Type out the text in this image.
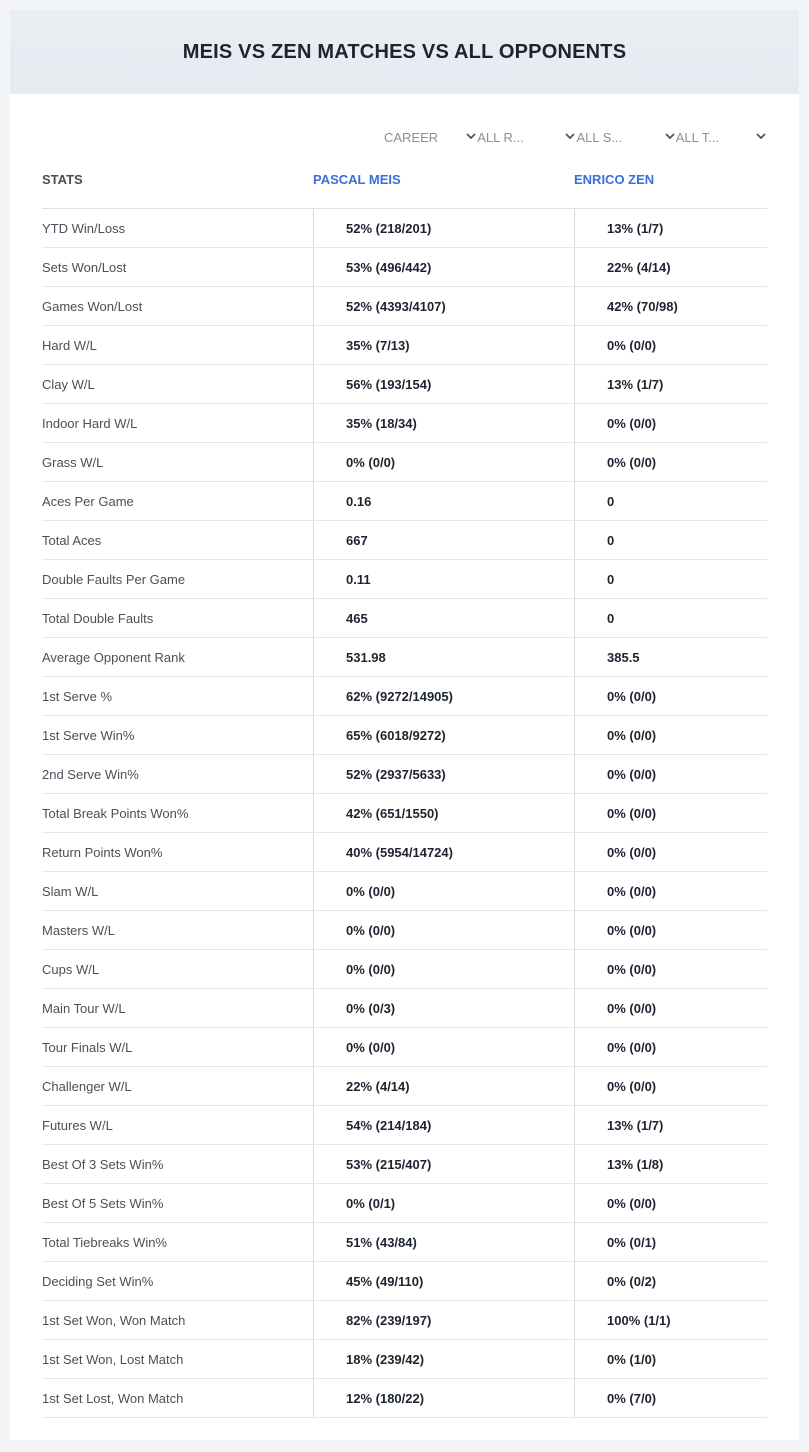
MEIS VS ZEN MATCHES VS ALL OPPONENTS
CAREER	ALL R...	ALL S...	ALL T...
STATS	PASCAL MEIS	ENRICO ZEN
YTD Win/Loss	52% (218/201)	13% (1/7)
Sets Won/Lost	53% (496/442)	22% (4/14)
Games Won/Lost	52% (4393/4107)	42% (70/98)
Hard W/L	35% (7/13)	0% (0/0)
Clay W/L	56% (193/154)	13% (1/7)
Indoor Hard W/L	35% (18/34)	0% (0/0)
Grass W/L	0% (0/0)	0% (0/0)
Aces Per Game	0.16	0
Total Aces	667	0
Double Faults Per Game	0.11	0
Total Double Faults	465	0
Average Opponent Rank	531.98	385.5
1st Serve %	62% (9272/14905)	0% (0/0)
1st Serve Win%	65% (6018/9272)	0% (0/0)
2nd Serve Win%	52% (2937/5633)	0% (0/0)
Total Break Points Won%	42% (651/1550)	0% (0/0)
Return Points Won%	40% (5954/14724)	0% (0/0)
Slam W/L	0% (0/0)	0% (0/0)
Masters W/L	0% (0/0)	0% (0/0)
Cups W/L	0% (0/0)	0% (0/0)
Main Tour W/L	0% (0/3)	0% (0/0)
Tour Finals W/L	0% (0/0)	0% (0/0)
Challenger W/L	22% (4/14)	0% (0/0)
Futures W/L	54% (214/184)	13% (1/7)
Best Of 3 Sets Win%	53% (215/407)	13% (1/8)
Best Of 5 Sets Win%	0% (0/1)	0% (0/0)
Total Tiebreaks Win%	51% (43/84)	0% (0/1)
Deciding Set Win%	45% (49/110)	0% (0/2)
1st Set Won, Won Match	82% (239/197)	100% (1/1)
1st Set Won, Lost Match	18% (239/42)	0% (1/0)
1st Set Lost, Won Match	12% (180/22)	0% (7/0)
